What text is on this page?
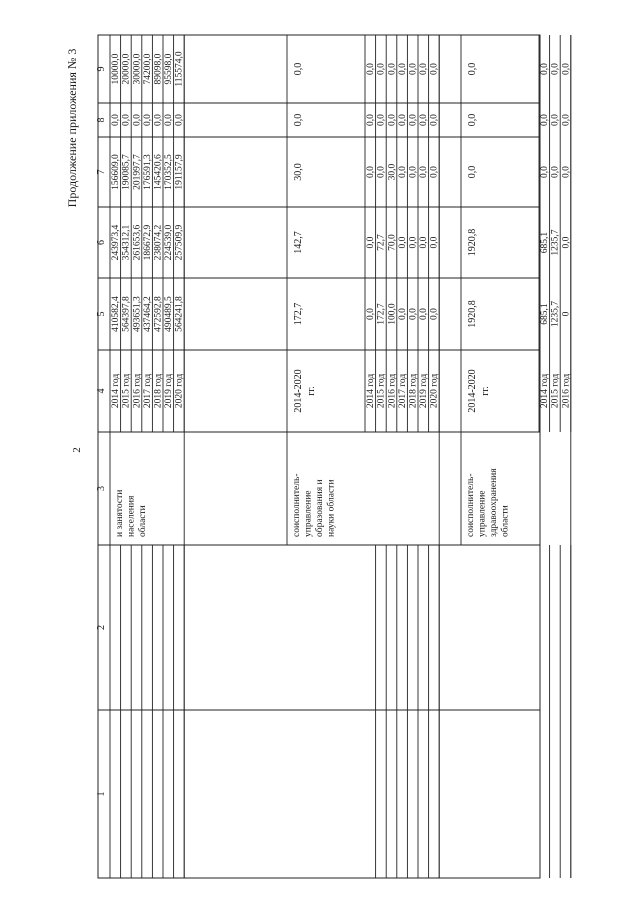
2
Продолжение приложения № 3
1
2
3
4
5
6
7
8
9
и занятости населения области
2014 год
410582,4
243973,4
156609,0
0,0
10000,0
2015 год
564397,8
354312,1
190085,7
0,0
20000,0
2016 год
493651,3
261653,6
201997,7
0,0
30000,0
2017 год
437464,2
186672,9
176591,3
0,0
74200,0
2018 год
472592,8
238074,2
145420,6
0,0
89098,0
2019 год
490489,5
224539,0
170352,5
0,0
95598,0
2020 год
564241,8
257509,9
191157,9
0,0
115574,0
2014-2020 гг.
172,7
142,7
30,0
0,0
0,0
соисполнитель- управление образования и науки области
2014 год
0,0
0,0
0,0
0,0
0,0
2015 год
172,7
72,7
0,0
0,0
0,0
2016 год
100,0
70,0
30,0
0,0
0,0
2017 год
0,0
0,0
0,0
0,0
0,0
2018 год
0,0
0,0
0,0
0,0
0,0
2019 год
0,0
0,0
0,0
0,0
0,0
2020 год
0,0
0,0
0,0
0,0
0,0
2014-2020 гг.
1920,8
1920,8
0,0
0,0
0,0
соисполнитель- управление здравоохранения области
2014 год
685,1
685,1
0,0
0,0
0,0
2015 год
1235,7
1235,7
0,0
0,0
0,0
2016 год
0
0,0
0,0
0,0
0,0
